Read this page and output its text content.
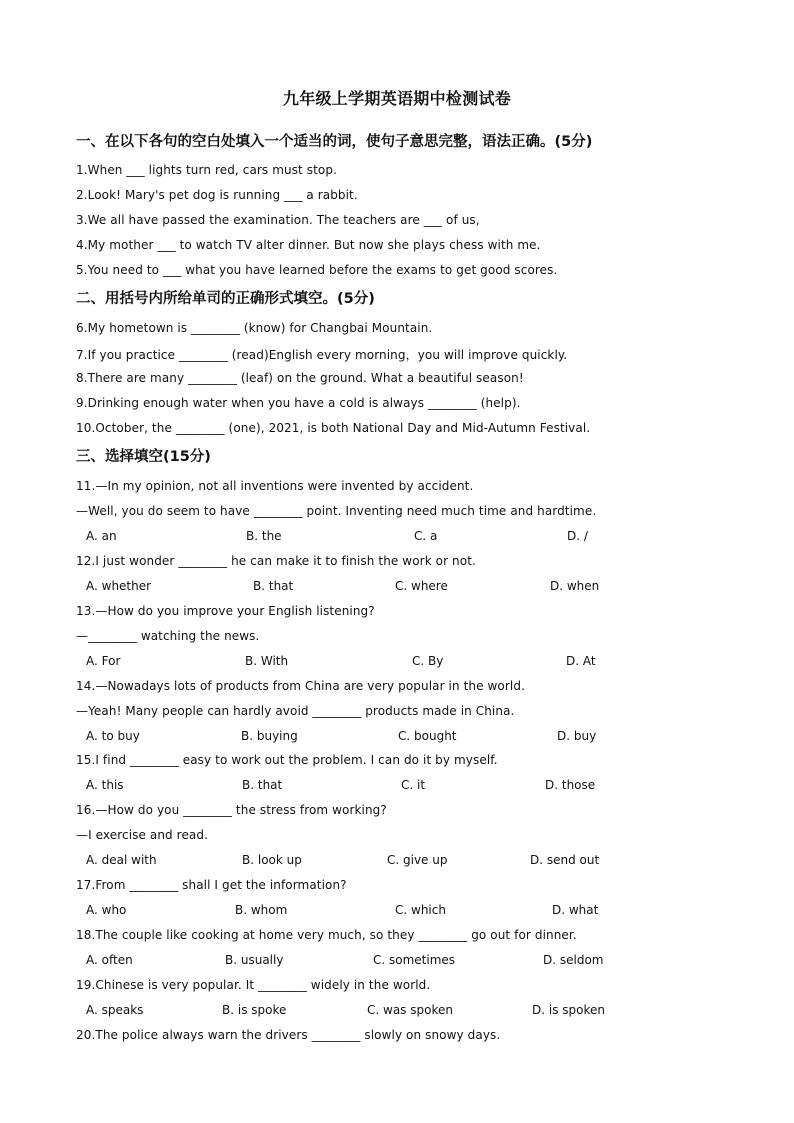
九年级上学期英语期中检测试卷
一、在以下各句的空白处填入一个适当的词，使句子意思完整，语法正确。(5分)
1.When ___ lights turn red, cars must stop.
2.Look! Mary's pet dog is running ___ a rabbit.
3.We all have passed the examination. The teachers are ___ of us,
4.My mother ___ to watch TV alter dinner. But now she plays chess with me.
5.You need to ___ what you have learned before the exams to get good scores.
二、用括号内所给单司的正确形式填空。(5分)
6.My hometown is ________ (know) for Changbai Mountain.
7.If you practice ________ (read)English every morning，you will improve quickly.
8.There are many ________ (leaf) on the ground. What a beautiful season!
9.Drinking enough water when you have a cold is always ________ (help).
10.October, the ________ (one), 2021, is both National Day and Mid-Autumn Festival.
三、选择填空(15分)
11.—In my opinion, not all inventions were invented by accident.
—Well, you do seem to have ________ point. Inventing need much time and hardtime.
A. an	B. the	C. a	D. /
12.I just wonder ________ he can make it to finish the work or not.
A. whether	B. that	C. where	D. when
13.—How do you improve your English listening?
—________ watching the news.
A. For	B. With	C. By	D. At
14.—Nowadays lots of products from China are very popular in the world.
—Yeah! Many people can hardly avoid ________ products made in China.
A. to buy	B. buying	C. bought	D. buy
15.I find ________ easy to work out the problem. I can do it by myself.
A. this	B. that	C. it	D. those
16.—How do you ________ the stress from working?
—I exercise and read.
A. deal with	B. look up	C. give up	D. send out
17.From ________ shall I get the information?
A. who	B. whom	C. which	D. what
18.The couple like cooking at home very much, so they ________ go out for dinner.
A. often	B. usually	C. sometimes	D. seldom
19.Chinese is very popular. It ________ widely in the world.
A. speaks	B. is spoke	C. was spoken	D. is spoken
20.The police always warn the drivers ________ slowly on snowy days.
